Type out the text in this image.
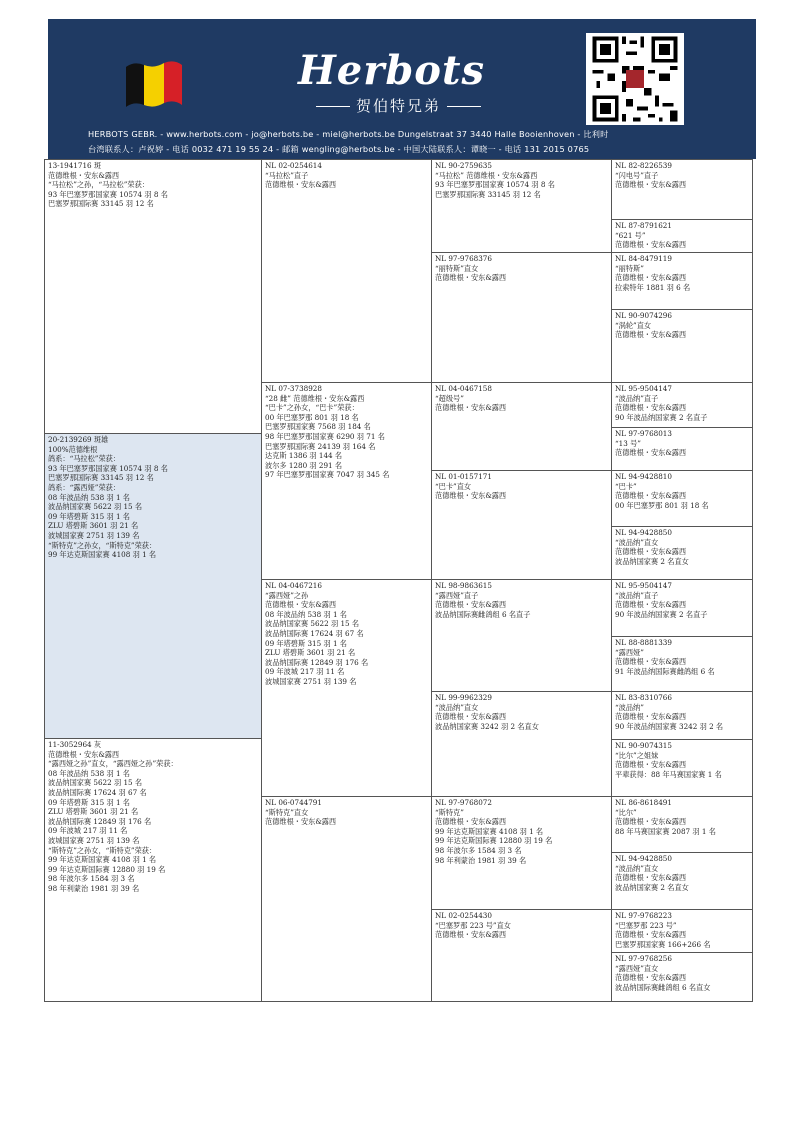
Herbots
贺伯特兄弟
HERBOTS GEBR. - www.herbots.com - jo@herbots.be - miel@herbots.be Dungelstraat 37 3440 Halle Booienhoven - 比利时
台湾联系人：卢祝婷 - 电话 0032 471 19 55 24 - 邮箱 wengling@herbots.be - 中国大陆联系人：谭晓一 - 电话 131 2015 0765
13-1941716 斑
范德维根・安东&露西
“马拉松”之孙，“马拉松”荣获：
93 年巴塞罗那国家赛 10574 羽 8 名
巴塞罗那国际赛 33145 羽 12 名
20-2139269 斑雄
100%范德维根
鸽系：“马拉松”荣获：
93 年巴塞罗那国家赛 10574 羽 8 名
巴塞罗那国际赛 33145 羽 12 名
鸽系：“露西娅”荣获：
08 年波品纳 538 羽 1 名
波品纳国家赛 5622 羽 15 名
09 年塔碧斯 315 羽 1 名
ZLU 塔碧斯 3601 羽 21 名
波城国家赛 2751 羽 139 名
“斯特克”之孙女，“斯特克”荣获：
99 年达克斯国家赛 4108 羽 1 名
11-3052964 灰
范德维根・安东&露西
“露西娅之孙”直女，“露西娅之孙”荣获：
08 年波品纳 538 羽 1 名
波品纳国家赛 5622 羽 15 名
波品纳国际赛 17624 羽 67 名
09 年塔碧斯 315 羽 1 名
ZLU 塔碧斯 3601 羽 21 名
波品纳国际赛 12849 羽 176 名
09 年波城 217 羽 11 名
波城国家赛 2751 羽 139 名
“斯特克”之孙女，“斯特克”荣获：
99 年达克斯国家赛 4108 羽 1 名
99 年达克斯国际赛 12880 羽 19 名
98 年波尔多 1584 羽 3 名
98 年利蒙治 1981 羽 39 名
NL 02-0254614
“马拉松”直子
范德维根・安东&露西
NL 07-3738928
“28 雌” 范德维根・安东&露西
“巴卡”之孙女，“巴卡”荣获：
00 年巴塞罗那 801 羽 18 名
巴塞罗那国家赛 7568 羽 184 名
98 年巴塞罗那国家赛 6290 羽 71 名
巴塞罗那国际赛 24139 羽 164 名
达克斯 1386 羽 144 名
波尔多 1280 羽 291 名
97 年巴塞罗那国家赛 7047 羽 345 名
NL 04-0467216
“露西娅”之孙
范德维根・安东&露西
08 年波品纳 538 羽 1 名
波品纳国家赛 5622 羽 15 名
波品纳国际赛 17624 羽 67 名
09 年塔碧斯 315 羽 1 名
ZLU 塔碧斯 3601 羽 21 名
波品纳国际赛 12849 羽 176 名
09 年波城 217 羽 11 名
波城国家赛 2751 羽 139 名
NL 06-0744791
“斯特克”直女
范德维根・安东&露西
NL 90-2759635
“马拉松” 范德维根・安东&露西
93 年巴塞罗那国家赛 10574 羽 8 名
巴塞罗那国际赛 33145 羽 12 名
NL 97-9768376
“丽特斯”直女
范德维根・安东&露西
NL 04-0467158
“超级号”
范德维根・安东&露西
NL 01-0157171
“巴卡”直女
范德维根・安东&露西
NL 98-9863615
“露西娅”直子
范德维根・安东&露西
波品纳国际赛雌鸽组 6 名直子
NL 99-9962329
“波品纳”直女
范德维根・安东&露西
波品纳国家赛 3242 羽 2 名直女
NL 97-9768072
“斯特克”
范德维根・安东&露西
99 年达克斯国家赛 4108 羽 1 名
99 年达克斯国际赛 12880 羽 19 名
98 年波尔多 1584 羽 3 名
98 年利蒙治 1981 羽 39 名
NL 02-0254430
“巴塞罗那 223 号”直女
范德维根・安东&露西
NL 82-8226539
“闪电号”直子
范德维根・安东&露西
NL 87-8791621
“621 号”
范德维根・安东&露西
NL 84-8479119
“丽特斯”
范德维根・安东&露西
拉索特年 1881 羽 6 名
NL 90-9074296
“涡轮”直女
范德维根・安东&露西
NL 95-9504147
“波品纳”直子
范德维根・安东&露西
90 年波品纳国家赛 2 名直子
NL 97-9768013
“13 号”
范德维根・安东&露西
NL 94-9428810
“巴卡”
范德维根・安东&露西
00 年巴塞罗那 801 羽 18 名
NL 94-9428850
“波品纳”直女
范德维根・安东&露西
波品纳国家赛 2 名直女
NL 95-9504147
“波品纳”直子
范德维根・安东&露西
90 年波品纳国家赛 2 名直子
NL 88-8881339
“露西娅”
范德维根・安东&露西
91 年波品纳国际赛雌鸽组 6 名
NL 83-8310766
“波品纳”
范德维根・安东&露西
90 年波品纳国家赛 3242 羽 2 名
NL 90-9074315
“比尔”之姐妹
范德维根・安东&露西
平辈获得：88 年马赛国家赛 1 名
NL 86-8618491
“比尔”
范德维根・安东&露西
88 年马赛国家赛 2087 羽 1 名
NL 94-9428850
“波品纳”直女
范德维根・安东&露西
波品纳国家赛 2 名直女
NL 97-9768223
“巴塞罗那 223 号”
范德维根・安东&露西
巴塞罗那国家赛 166+266 名
NL 97-9768256
“露西娅”直女
范德维根・安东&露西
波品纳国际赛雌鸽组 6 名直女
